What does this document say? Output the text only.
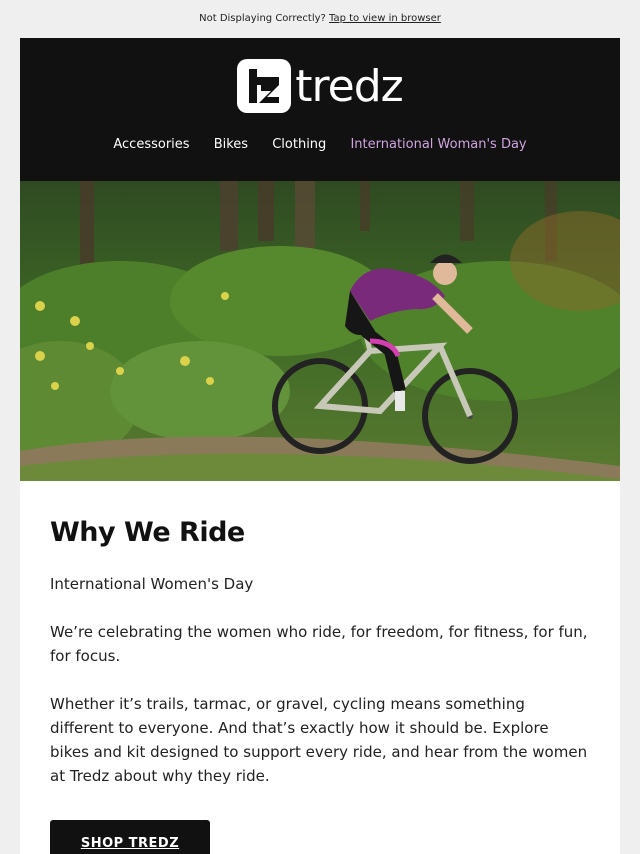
Not Displaying Correctly? Tap to view in browser
tredz
Accessories Bikes Clothing International Woman's Day
Why We Ride

International Women's Day

We’re celebrating the women who ride, for freedom, for fitness, for fun, for focus.

Whether it’s trails, tarmac, or gravel, cycling means something different to everyone. And that’s exactly how it should be. Explore bikes and kit designed to support every ride, and hear from the women at Tredz about why they ride.

SHOP TREDZ
